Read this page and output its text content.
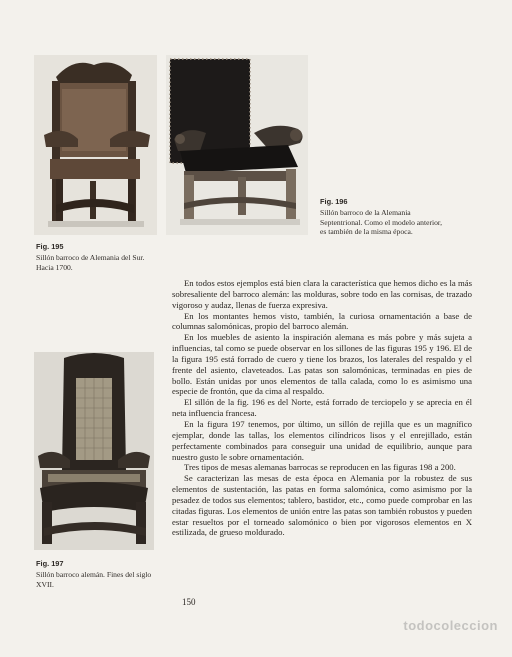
Fig. 195
Sillón barroco de Alemania del Sur. Hacia 1700.
Fig. 196
Sillón barroco de la Alemania Septentrional. Como el modelo anterior, es también de la misma época.
Fig. 197
Sillón barroco alemán. Fines del siglo XVII.

En todos estos ejemplos está bien clara la característica que hemos dicho es la más sobresaliente del barroco alemán: las molduras, sobre todo en las cornisas, de trazado vigoroso y audaz, llenas de fuerza expresiva.

En los montantes hemos visto, también, la curiosa ornamentación a base de columnas salomónicas, propio del barroco alemán.

En los muebles de asiento la inspiración alemana es más pobre y más sujeta a influencias, tal como se puede observar en los sillones de las figuras 195 y 196. El de la figura 195 está forrado de cuero y tiene los brazos, los laterales del respaldo y el frente del asiento, claveteados. Las patas son salomónicas, terminadas en pies de bollo. Están unidas por unos elementos de talla calada, como lo es asimismo una especie de frontón, que da cima al respaldo.

El sillón de la fig. 196 es del Norte, está forrado de terciopelo y se aprecia en él neta influencia francesa.

En la figura 197 tenemos, por último, un sillón de rejilla que es un magnífico ejemplar, donde las tallas, los elementos cilíndricos lisos y el enrejillado, están perfectamente combinados para conseguir una unidad de equilibrio, aunque para nuestro gusto le sobre ornamentación.

Tres tipos de mesas alemanas barrocas se reproducen en las figuras 198 a 200.

Se caracterizan las mesas de esta época en Alemania por la robustez de sus elementos de sustentación, las patas en forma salomónica, como asimismo por la pesadez de todos sus elementos; tablero, bastidor, etc., como puede comprobar en las citadas figuras. Los elementos de unión entre las patas son también robustos y pueden estar resueltos por el torneado salomónico o bien por vigorosos elementos en X estilizada, de grueso moldurado.

150
todocoleccion
